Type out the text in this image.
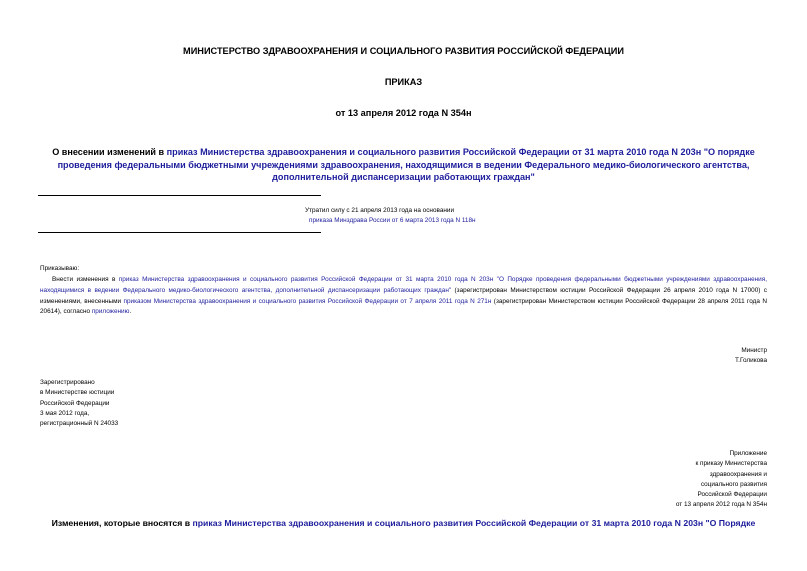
МИНИСТЕРСТВО ЗДРАВООХРАНЕНИЯ И СОЦИАЛЬНОГО РАЗВИТИЯ РОССИЙСКОЙ ФЕДЕРАЦИИ
ПРИКАЗ
от 13 апреля 2012 года N 354н
О внесении изменений в приказ Министерства здравоохранения и социального развития Российской Федерации от 31 марта 2010 года N 203н "О порядке проведения федеральными бюджетными учреждениями здравоохранения, находящимися в ведении Федерального медико-биологического агентства, дополнительной диспансеризации работающих граждан"
Утратил силу с 21 апреля 2013 года на основании
приказа Минздрава России от 6 марта 2013 года N 118н
Приказываю:
Внести изменения в приказ Министерства здравоохранения и социального развития Российской Федерации от 31 марта 2010 года N 203н "О Порядке проведения федеральными бюджетными учреждениями здравоохранения, находящимися в ведении Федерального медико-биологического агентства, дополнительной диспансеризации работающих граждан" (зарегистрирован Министерством юстиции Российской Федерации 26 апреля 2010 года N 17000) с изменениями, внесенными приказом Министерства здравоохранения и социального развития Российской Федерации от 7 апреля 2011 года N 271н (зарегистрирован Министерством юстиции Российской Федерации 28 апреля 2011 года N 20614), согласно приложению.
Министр
Т.Голикова
Зарегистрировано
в Министерстве юстиции
Российской Федерации
3 мая 2012 года,
регистрационный N 24033
Приложение
к приказу Министерства
здравоохранения и
социального развития
Российской Федерации
от 13 апреля 2012 года N 354н
Изменения, которые вносятся в приказ Министерства здравоохранения и социального развития Российской Федерации от 31 марта 2010 года N 203н "О Порядке
